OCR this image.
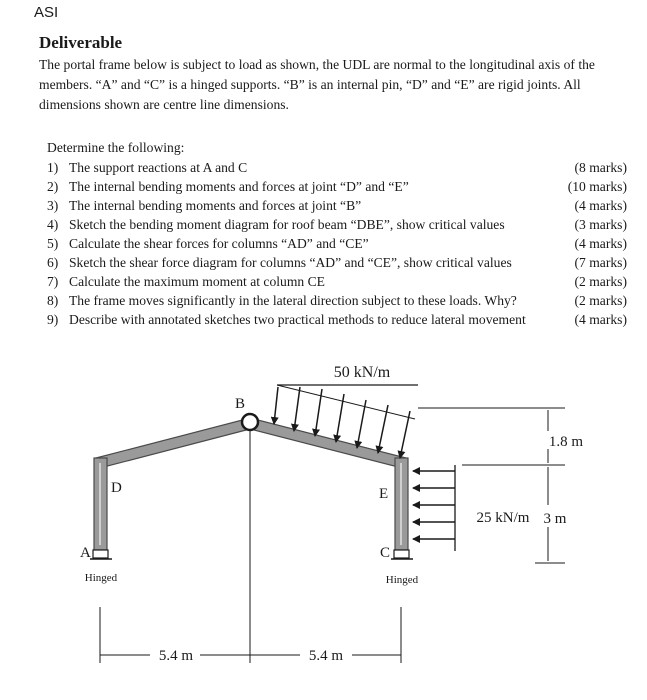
ASI
Deliverable
The portal frame below is subject to load as shown, the UDL are normal to the longitudinal axis of the members. “A” and “C” is a hinged supports. “B” is an internal pin, “D” and “E” are rigid joints. All dimensions shown are centre line dimensions.
Determine the following:
1) The support reactions at A and C	(8 marks)
2) The internal bending moments and forces at joint “D” and “E”	(10 marks)
3) The internal bending moments and forces at joint “B”	(4 marks)
4) Sketch the bending moment diagram for roof beam “DBE”, show critical values	(3 marks)
5) Calculate the shear forces for columns “AD” and “CE”	(4 marks)
6) Sketch the shear force diagram for columns “AD” and “CE”, show critical values	(7 marks)
7) Calculate the maximum moment at column CE	(2 marks)
8) The frame moves significantly in the lateral direction subject to these loads. Why?	(2 marks)
9) Describe with annotated sketches two practical methods to reduce lateral movement	(4 marks)
50 kN/m
25 kN/m
1.8 m
3 m
5.4 m	5.4 m
B
D	E
A	C
Hinged	Hinged
